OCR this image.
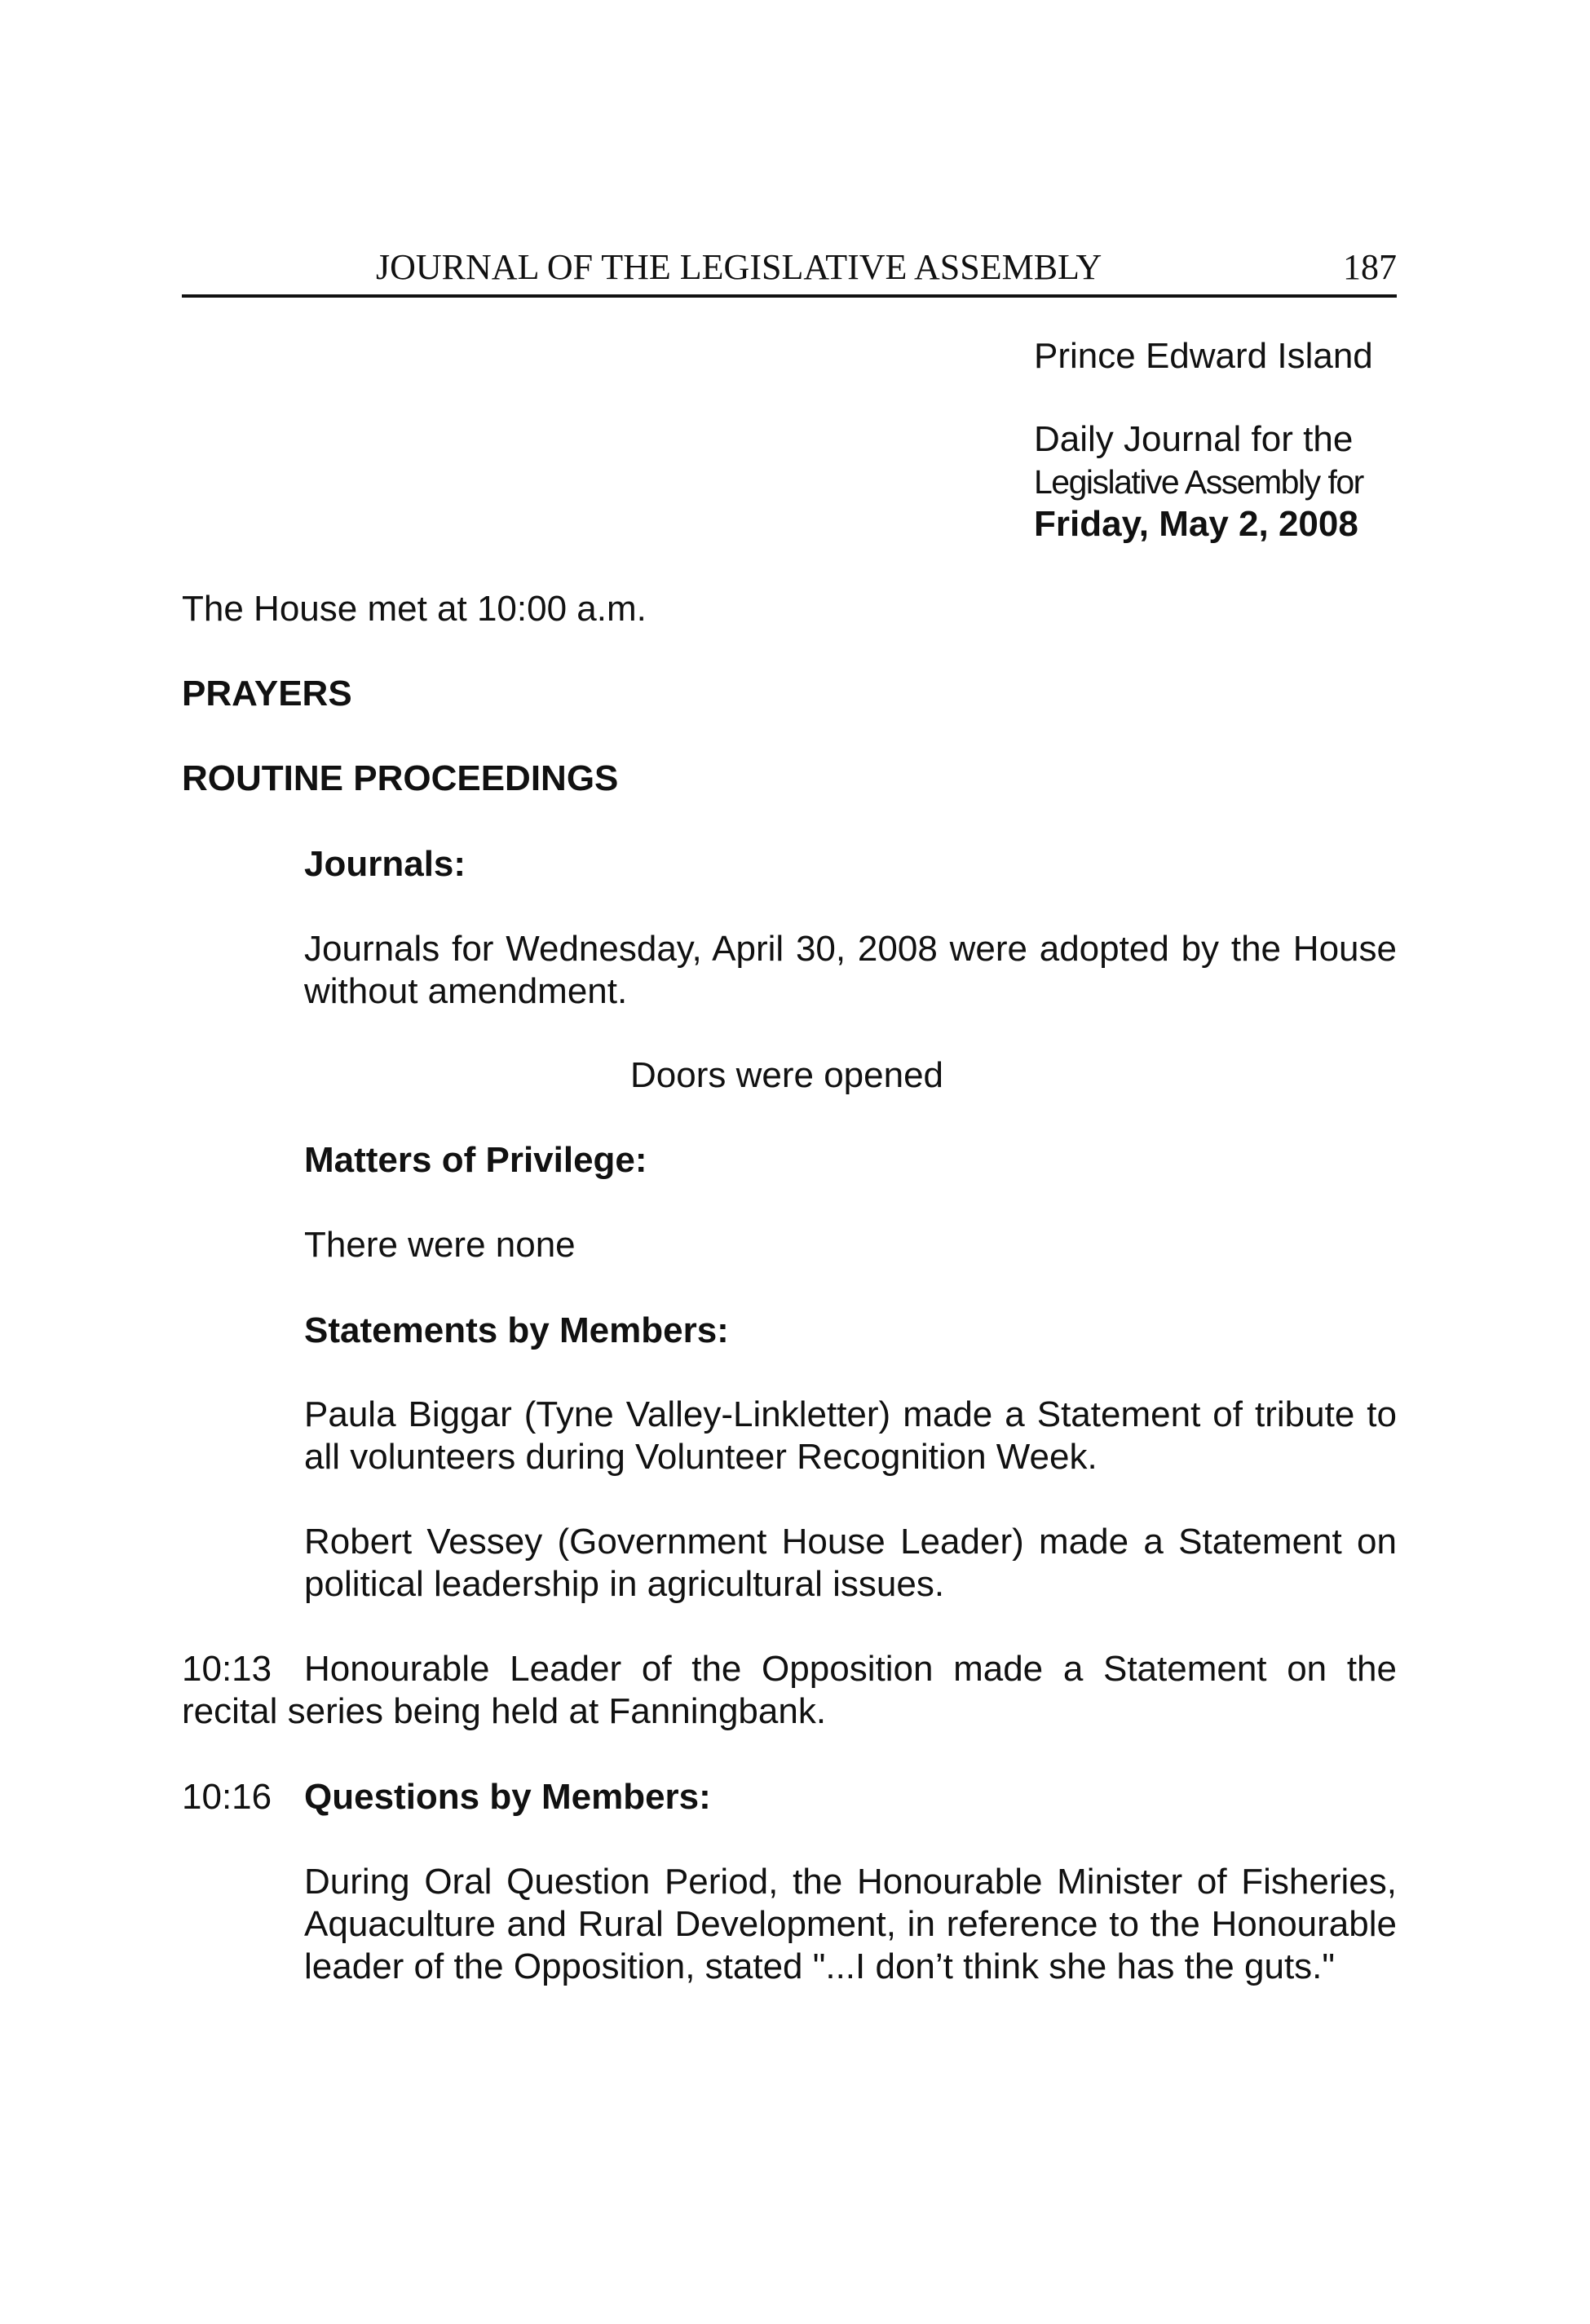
JOURNAL OF THE LEGISLATIVE ASSEMBLY	187

Prince Edward Island

Daily Journal for the

Legislative Assembly for

Friday, May 2, 2008

The House met at 10:00 a.m.

PRAYERS

ROUTINE PROCEEDINGS

Journals:

Journals for Wednesday, April 30, 2008 were adopted by the House without amendment.

Doors were opened

Matters of Privilege:

There were none

Statements by Members:

Paula Biggar (Tyne Valley-Linkletter) made a Statement of tribute to all volunteers during Volunteer Recognition Week.

Robert Vessey (Government House Leader) made a Statement on political leadership in agricultural issues.

10:13 Honourable Leader of the Opposition made a Statement on the recital series being held at Fanningbank.

10:16 Questions by Members:

During Oral Question Period, the Honourable Minister of Fisheries, Aquaculture and Rural Development, in reference to the Honourable leader of the Opposition, stated "...I don’t think she has the guts."
